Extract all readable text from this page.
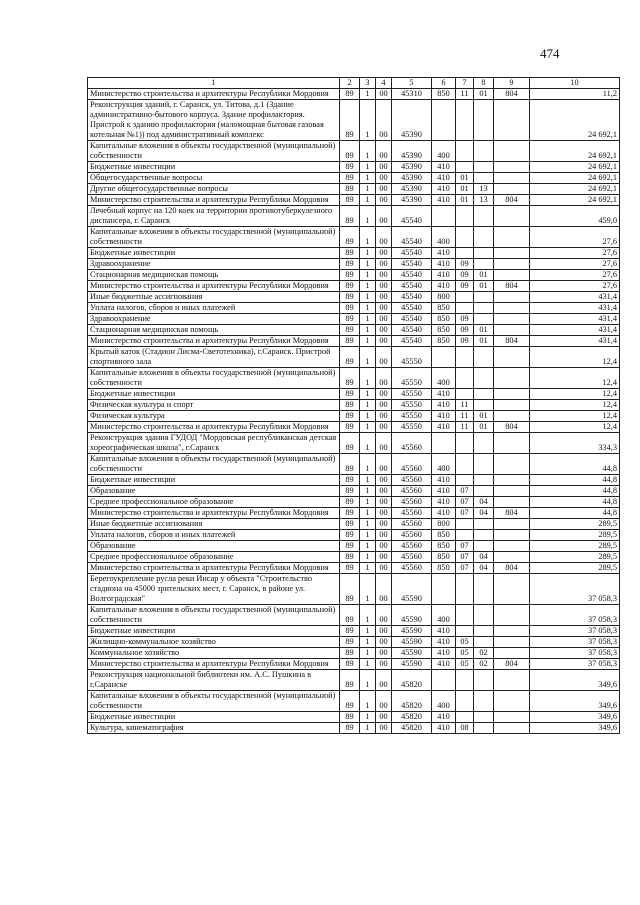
474
1	2	3	4	5	6	7	8	9	10
Министерство строительства и архитектуры Республики Мордовия	89	1	00	45310	850	11	01	804	11,2
Реконструкция зданий, г. Саранск, ул. Титова, д.1 (Здание административно-бытового корпуса. Здание профилактория. Пристрой к зданию профилактория (маломощная бытовая газовая котельная №1)) под административный комплекс	89	1	00	45390					24 692,1
Капитальные вложения в объекты государственной (муниципальной) собственности	89	1	00	45390	400				24 692,1
Бюджетные инвестиции	89	1	00	45390	410				24 692,1
Общегосударственные вопросы	89	1	00	45390	410	01			24 692,1
Другие общегосударственные вопросы	89	1	00	45390	410	01	13		24 692,1
Министерство строительства и архитектуры Республики Мордовия	89	1	00	45390	410	01	13	804	24 692,1
Лечебный корпус на 120 коек на территории противотуберкулезного диспансера, г. Саранск	89	1	00	45540					459,0
Капитальные вложения в объекты государственной (муниципальной) собственности	89	1	00	45540	400				27,6
Бюджетные инвестиции	89	1	00	45540	410				27,6
Здравоохранение	89	1	00	45540	410	09			27,6
Стационарная медицинская помощь	89	1	00	45540	410	09	01		27,6
Министерство строительства и архитектуры Республики Мордовия	89	1	00	45540	410	09	01	804	27,6
Иные бюджетные ассигнования	89	1	00	45540	800				431,4
Уплата налогов, сборов и иных платежей	89	1	00	45540	850				431,4
Здравоохранение	89	1	00	45540	850	09			431,4
Стационарная медицинская помощь	89	1	00	45540	850	09	01		431,4
Министерство строительства и архитектуры Республики Мордовия	89	1	00	45540	850	09	01	804	431,4
Крытый каток (Стадион Лисма-Светотехника), г.Саранск. Пристрой спортивного зала	89	1	00	45550					12,4
Капитальные вложения в объекты государственной (муниципальной) собственности	89	1	00	45550	400				12,4
Бюджетные инвестиции	89	1	00	45550	410				12,4
Физическая культура и спорт	89	1	00	45550	410	11			12,4
Физическая культура	89	1	00	45550	410	11	01		12,4
Министерство строительства и архитектуры Республики Мордовия	89	1	00	45550	410	11	01	804	12,4
Реконструкция здания ГУДОД "Мордовская республиканская детская хореографическая школа", г.Саранск	89	1	00	45560					334,3
Капитальные вложения в объекты государственной (муниципальной) собственности	89	1	00	45560	400				44,8
Бюджетные инвестиции	89	1	00	45560	410				44,8
Образование	89	1	00	45560	410	07			44,8
Среднее профессиональное образование	89	1	00	45560	410	07	04		44,8
Министерство строительства и архитектуры Республики Мордовия	89	1	00	45560	410	07	04	804	44,8
Иные бюджетные ассигнования	89	1	00	45560	800				289,5
Уплата налогов, сборов и иных платежей	89	1	00	45560	850				289,5
Образование	89	1	00	45560	850	07			289,5
Среднее профессиональное образование	89	1	00	45560	850	07	04		289,5
Министерство строительства и архитектуры Республики Мордовия	89	1	00	45560	850	07	04	804	289,5
Берегоукрепление русла реки Инсар у объекта "Строительство стадиона на 45000 зрительских мест, г. Саранск, в районе ул. Волгоградская"	89	1	00	45590					37 058,3
Капитальные вложения в объекты государственной (муниципальной) собственности	89	1	00	45590	400				37 058,3
Бюджетные инвестиции	89	1	00	45590	410				37 058,3
Жилищно-коммунальное хозяйство	89	1	00	45590	410	05			37 058,3
Коммунальное хозяйство	89	1	00	45590	410	05	02		37 058,3
Министерство строительства и архитектуры Республики Мордовия	89	1	00	45590	410	05	02	804	37 058,3
Реконструкция национальной библиотеки им. А.С. Пушкина в г.Саранске	89	1	00	45820					349,6
Капитальные вложения в объекты государственной (муниципальной) собственности	89	1	00	45820	400				349,6
Бюджетные инвестиции	89	1	00	45820	410				349,6
Культура, кинематография	89	1	00	45820	410	08			349,6
